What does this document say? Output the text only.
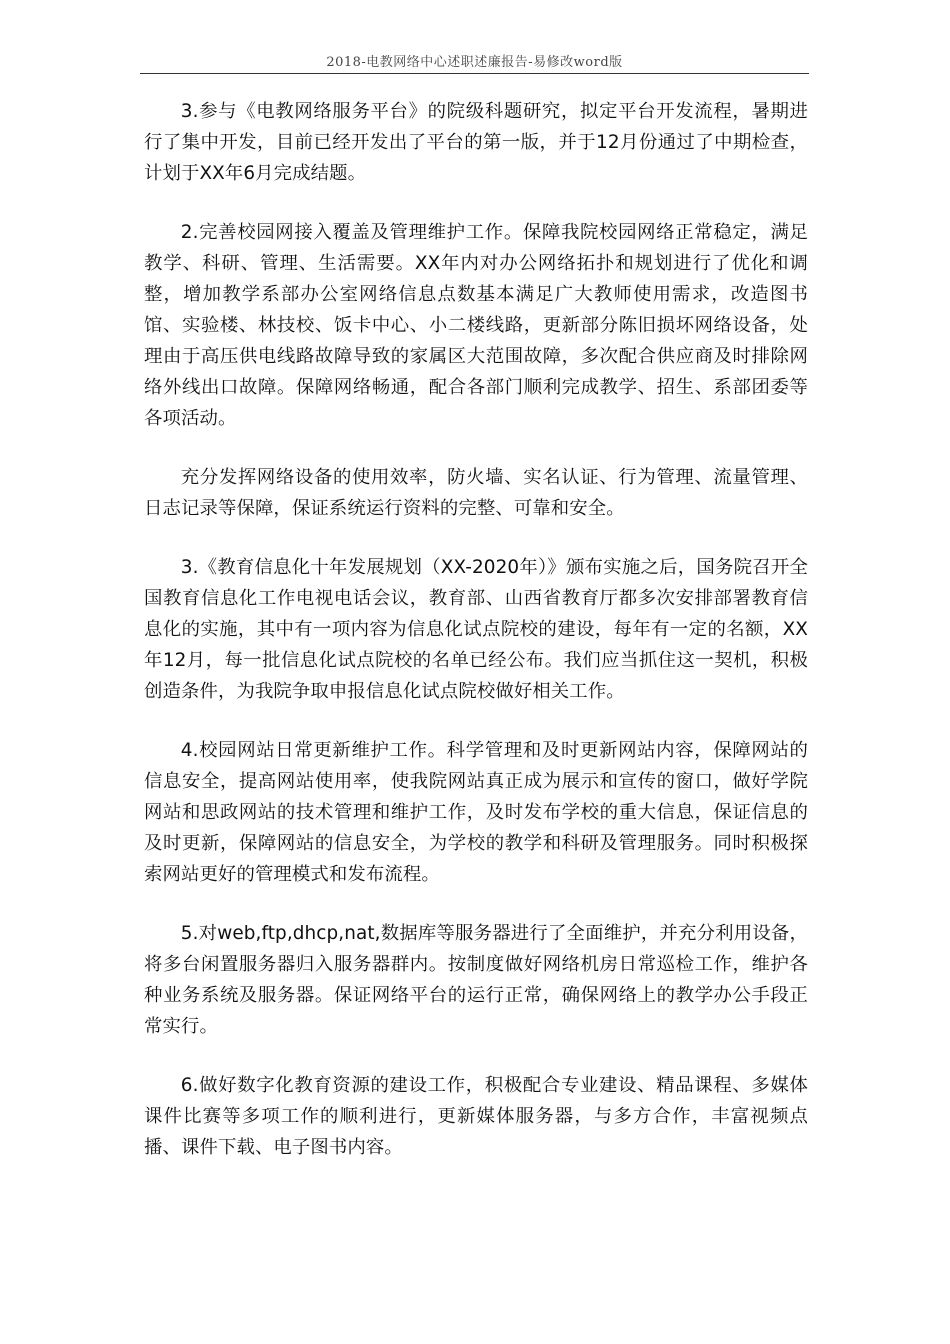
2018-电教网络中心述职述廉报告-易修改word版

3.参与《电教网络服务平台》的院级科题研究，拟定平台开发流程，暑期进行了集中开发，目前已经开发出了平台的第一版，并于12月份通过了中期检查，计划于XX年6月完成结题。

2.完善校园网接入覆盖及管理维护工作。保障我院校园网络正常稳定，满足教学、科研、管理、生活需要。XX年内对办公网络拓扑和规划进行了优化和调整，增加教学系部办公室网络信息点数基本满足广大教师使用需求，改造图书馆、实验楼、林技校、饭卡中心、小二楼线路，更新部分陈旧损坏网络设备，处理由于高压供电线路故障导致的家属区大范围故障，多次配合供应商及时排除网络外线出口故障。保障网络畅通，配合各部门顺利完成教学、招生、系部团委等各项活动。

充分发挥网络设备的使用效率，防火墙、实名认证、行为管理、流量管理、日志记录等保障，保证系统运行资料的完整、可靠和安全。

3.《教育信息化十年发展规划（XX-2020年）》颁布实施之后，国务院召开全国教育信息化工作电视电话会议，教育部、山西省教育厅都多次安排部署教育信息化的实施，其中有一项内容为信息化试点院校的建设，每年有一定的名额，XX年12月，每一批信息化试点院校的名单已经公布。我们应当抓住这一契机，积极创造条件，为我院争取申报信息化试点院校做好相关工作。

4.校园网站日常更新维护工作。科学管理和及时更新网站内容，保障网站的信息安全，提高网站使用率，使我院网站真正成为展示和宣传的窗口，做好学院网站和思政网站的技术管理和维护工作，及时发布学校的重大信息，保证信息的及时更新，保障网站的信息安全，为学校的教学和科研及管理服务。同时积极探索网站更好的管理模式和发布流程。

5.对web,ftp,dhcp,nat,数据库等服务器进行了全面维护，并充分利用设备，将多台闲置服务器归入服务器群内。按制度做好网络机房日常巡检工作，维护各种业务系统及服务器。保证网络平台的运行正常，确保网络上的教学办公手段正常实行。

6.做好数字化教育资源的建设工作，积极配合专业建设、精品课程、多媒体课件比赛等多项工作的顺利进行，更新媒体服务器，与多方合作，丰富视频点播、课件下载、电子图书内容。
